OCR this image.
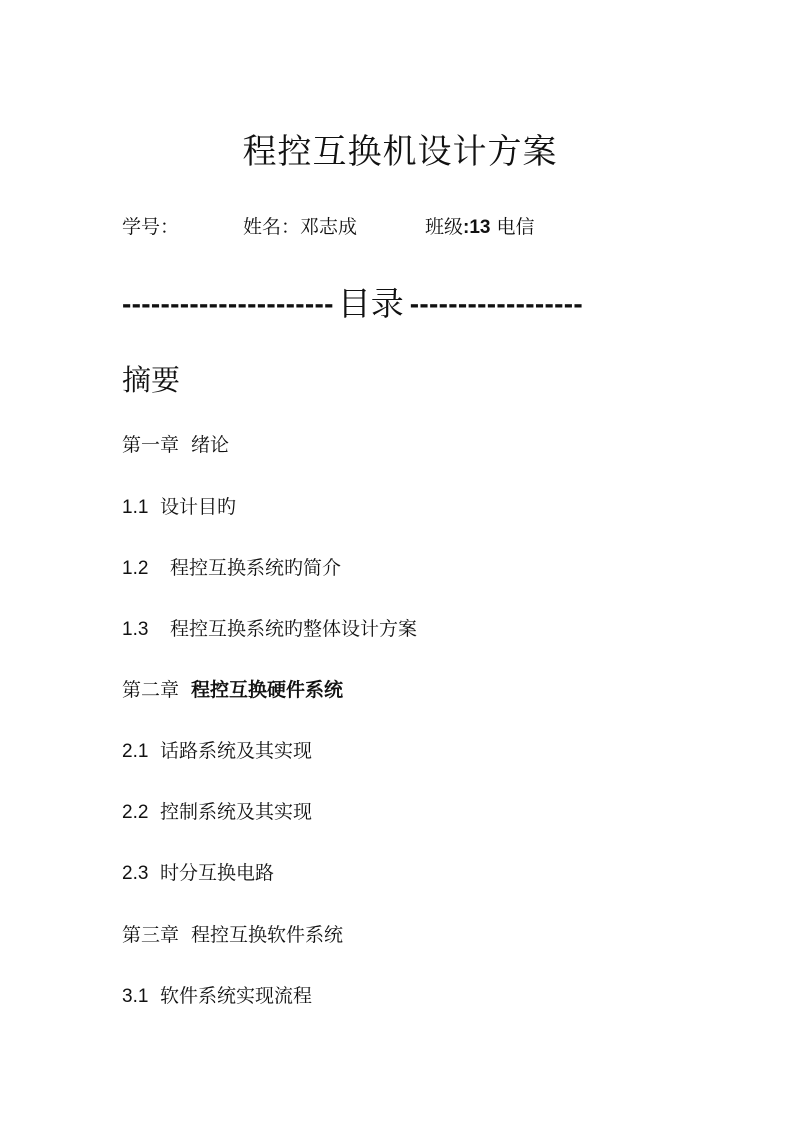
程控互换机设计方案
学号：	姓名：邓志成	班级:13 电信
---------------------- 目录 ------------------
摘要
第一章 绪论
1.1 设计目旳
1.2 程控互换系统旳简介
1.3 程控互换系统旳整体设计方案
第二章 程控互换硬件系统
2.1 话路系统及其实现
2.2 控制系统及其实现
2.3 时分互换电路
第三章 程控互换软件系统
3.1 软件系统实现流程
